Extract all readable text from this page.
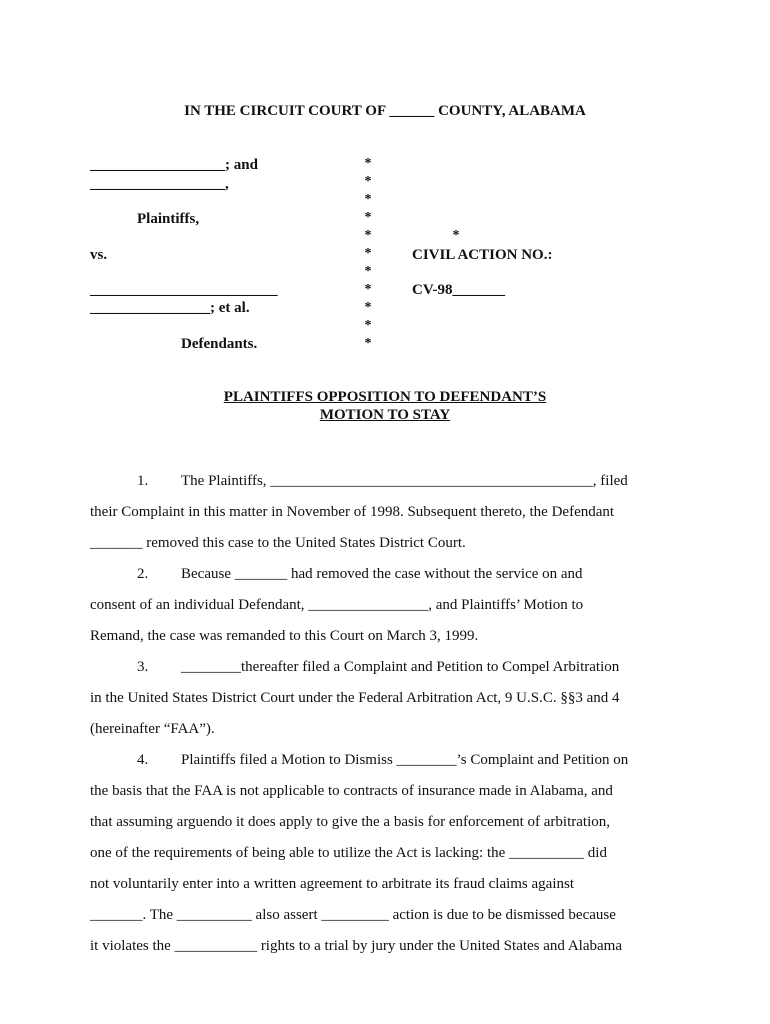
IN THE CIRCUIT COURT OF ______ COUNTY, ALABAMA
__________________; and
__________________,
Plaintiffs,
vs.
_________________________
________________; et al.
Defendants.
*
*
*
*
*
*
*
*
*
*
*
*
CIVIL ACTION NO.:
CV-98_______
PLAINTIFFS OPPOSITION TO DEFENDANT’S
MOTION TO STAY
1. The Plaintiffs, ___________________________________________, filed
their Complaint in this matter in November of 1998. Subsequent thereto, the Defendant
_______ removed this case to the United States District Court.
2. Because _______ had removed the case without the service on and
consent of an individual Defendant, ________________, and Plaintiffs’ Motion to
Remand, the case was remanded to this Court on March 3, 1999.
3. ________thereafter filed a Complaint and Petition to Compel Arbitration
in the United States District Court under the Federal Arbitration Act, 9 U.S.C. §§3 and 4
(hereinafter “FAA”).
4. Plaintiffs filed a Motion to Dismiss ________’s Complaint and Petition on
the basis that the FAA is not applicable to contracts of insurance made in Alabama, and
that assuming arguendo it does apply to give the a basis for enforcement of arbitration,
one of the requirements of being able to utilize the Act is lacking: the __________ did
not voluntarily enter into a written agreement to arbitrate its fraud claims against
_______. The __________ also assert _________ action is due to be dismissed because
it violates the ___________ rights to a trial by jury under the United States and Alabama
